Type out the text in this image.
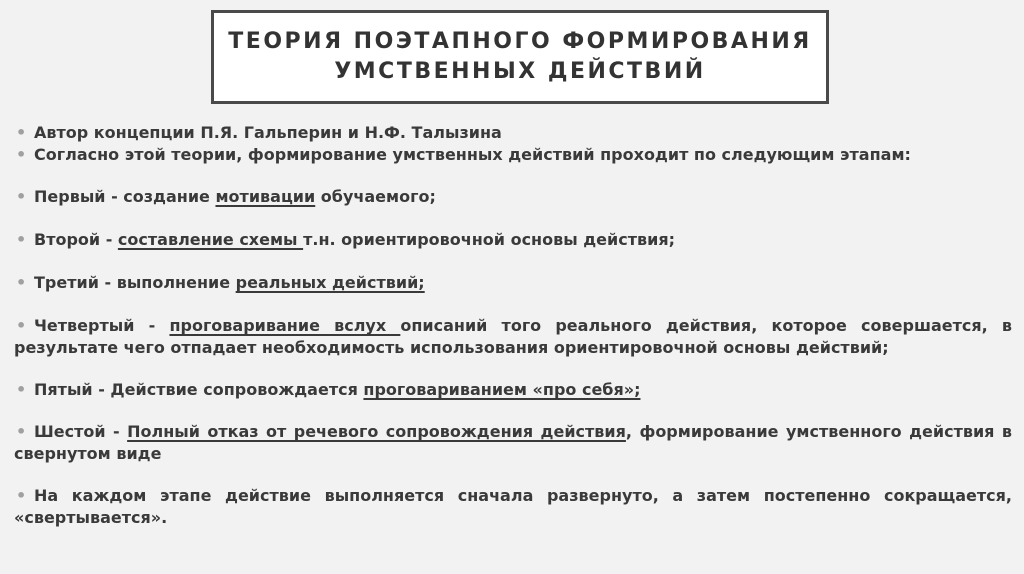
ТЕОРИЯ ПОЭТАПНОГО ФОРМИРОВАНИЯ
УМСТВЕННЫХ ДЕЙСТВИЙ
• Автор концепции П.Я. Гальперин и Н.Ф. Талызина
• Согласно этой теории, формирование умственных действий проходит по следующим этапам:
• Первый - создание мотивации обучаемого;
• Второй - составление схемы т.н. ориентировочной основы действия;
• Третий - выполнение реальных действий;
• Четвертый - проговаривание вслух описаний того реального действия, которое совершается, в результате чего отпадает необходимость использования ориентировочной основы действий;
• Пятый - Действие сопровождается проговариванием «про себя»;
• Шестой - Полный отказ от речевого сопровождения действия, формирование умственного действия в свернутом виде
• На каждом этапе действие выполняется сначала развернуто, а затем постепенно сокращается, «свертывается».
